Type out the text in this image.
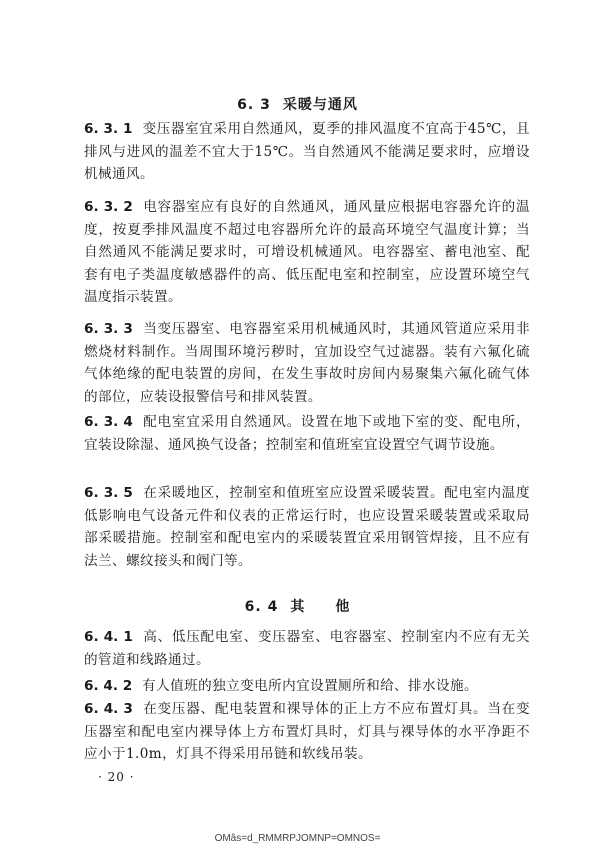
6. 3 采暖与通风

6. 3. 1 变压器室宜采用自然通风，夏季的排风温度不宜高于45℃，且排风与进风的温差不宜大于15℃。当自然通风不能满足要求时，应增设机械通风。

6. 3. 2 电容器室应有良好的自然通风，通风量应根据电容器允许的温度，按夏季排风温度不超过电容器所允许的最高环境空气温度计算；当自然通风不能满足要求时，可增设机械通风。电容器室、蓄电池室、配套有电子类温度敏感器件的高、低压配电室和控制室，应设置环境空气温度指示装置。

6. 3. 3 当变压器室、电容器室采用机械通风时，其通风管道应采用非燃烧材料制作。当周围环境污秽时，宜加设空气过滤器。装有六氟化硫气体绝缘的配电装置的房间，在发生事故时房间内易聚集六氟化硫气体的部位，应装设报警信号和排风装置。

6. 3. 4 配电室宜采用自然通风。设置在地下或地下室的变、配电所，宜装设除湿、通风换气设备；控制室和值班室宜设置空气调节设施。

6. 3. 5 在采暖地区，控制室和值班室应设置采暖装置。配电室内温度低影响电气设备元件和仪表的正常运行时，也应设置采暖装置或采取局部采暖措施。控制室和配电室内的采暖装置宜采用钢管焊接，且不应有法兰、螺纹接头和阀门等。

6. 4 其　　他

6. 4. 1 高、低压配电室、变压器室、电容器室、控制室内不应有无关的管道和线路通过。

6. 4. 2 有人值班的独立变电所内宜设置厕所和给、排水设施。

6. 4. 3 在变压器、配电装置和裸导体的正上方不应布置灯具。当在变压器室和配电室内裸导体上方布置灯具时，灯具与裸导体的水平净距不应小于1.0m，灯具不得采用吊链和软线吊装。

· 20 ·
OMâs=d_RMMRPJOMNP=OMNOS=
